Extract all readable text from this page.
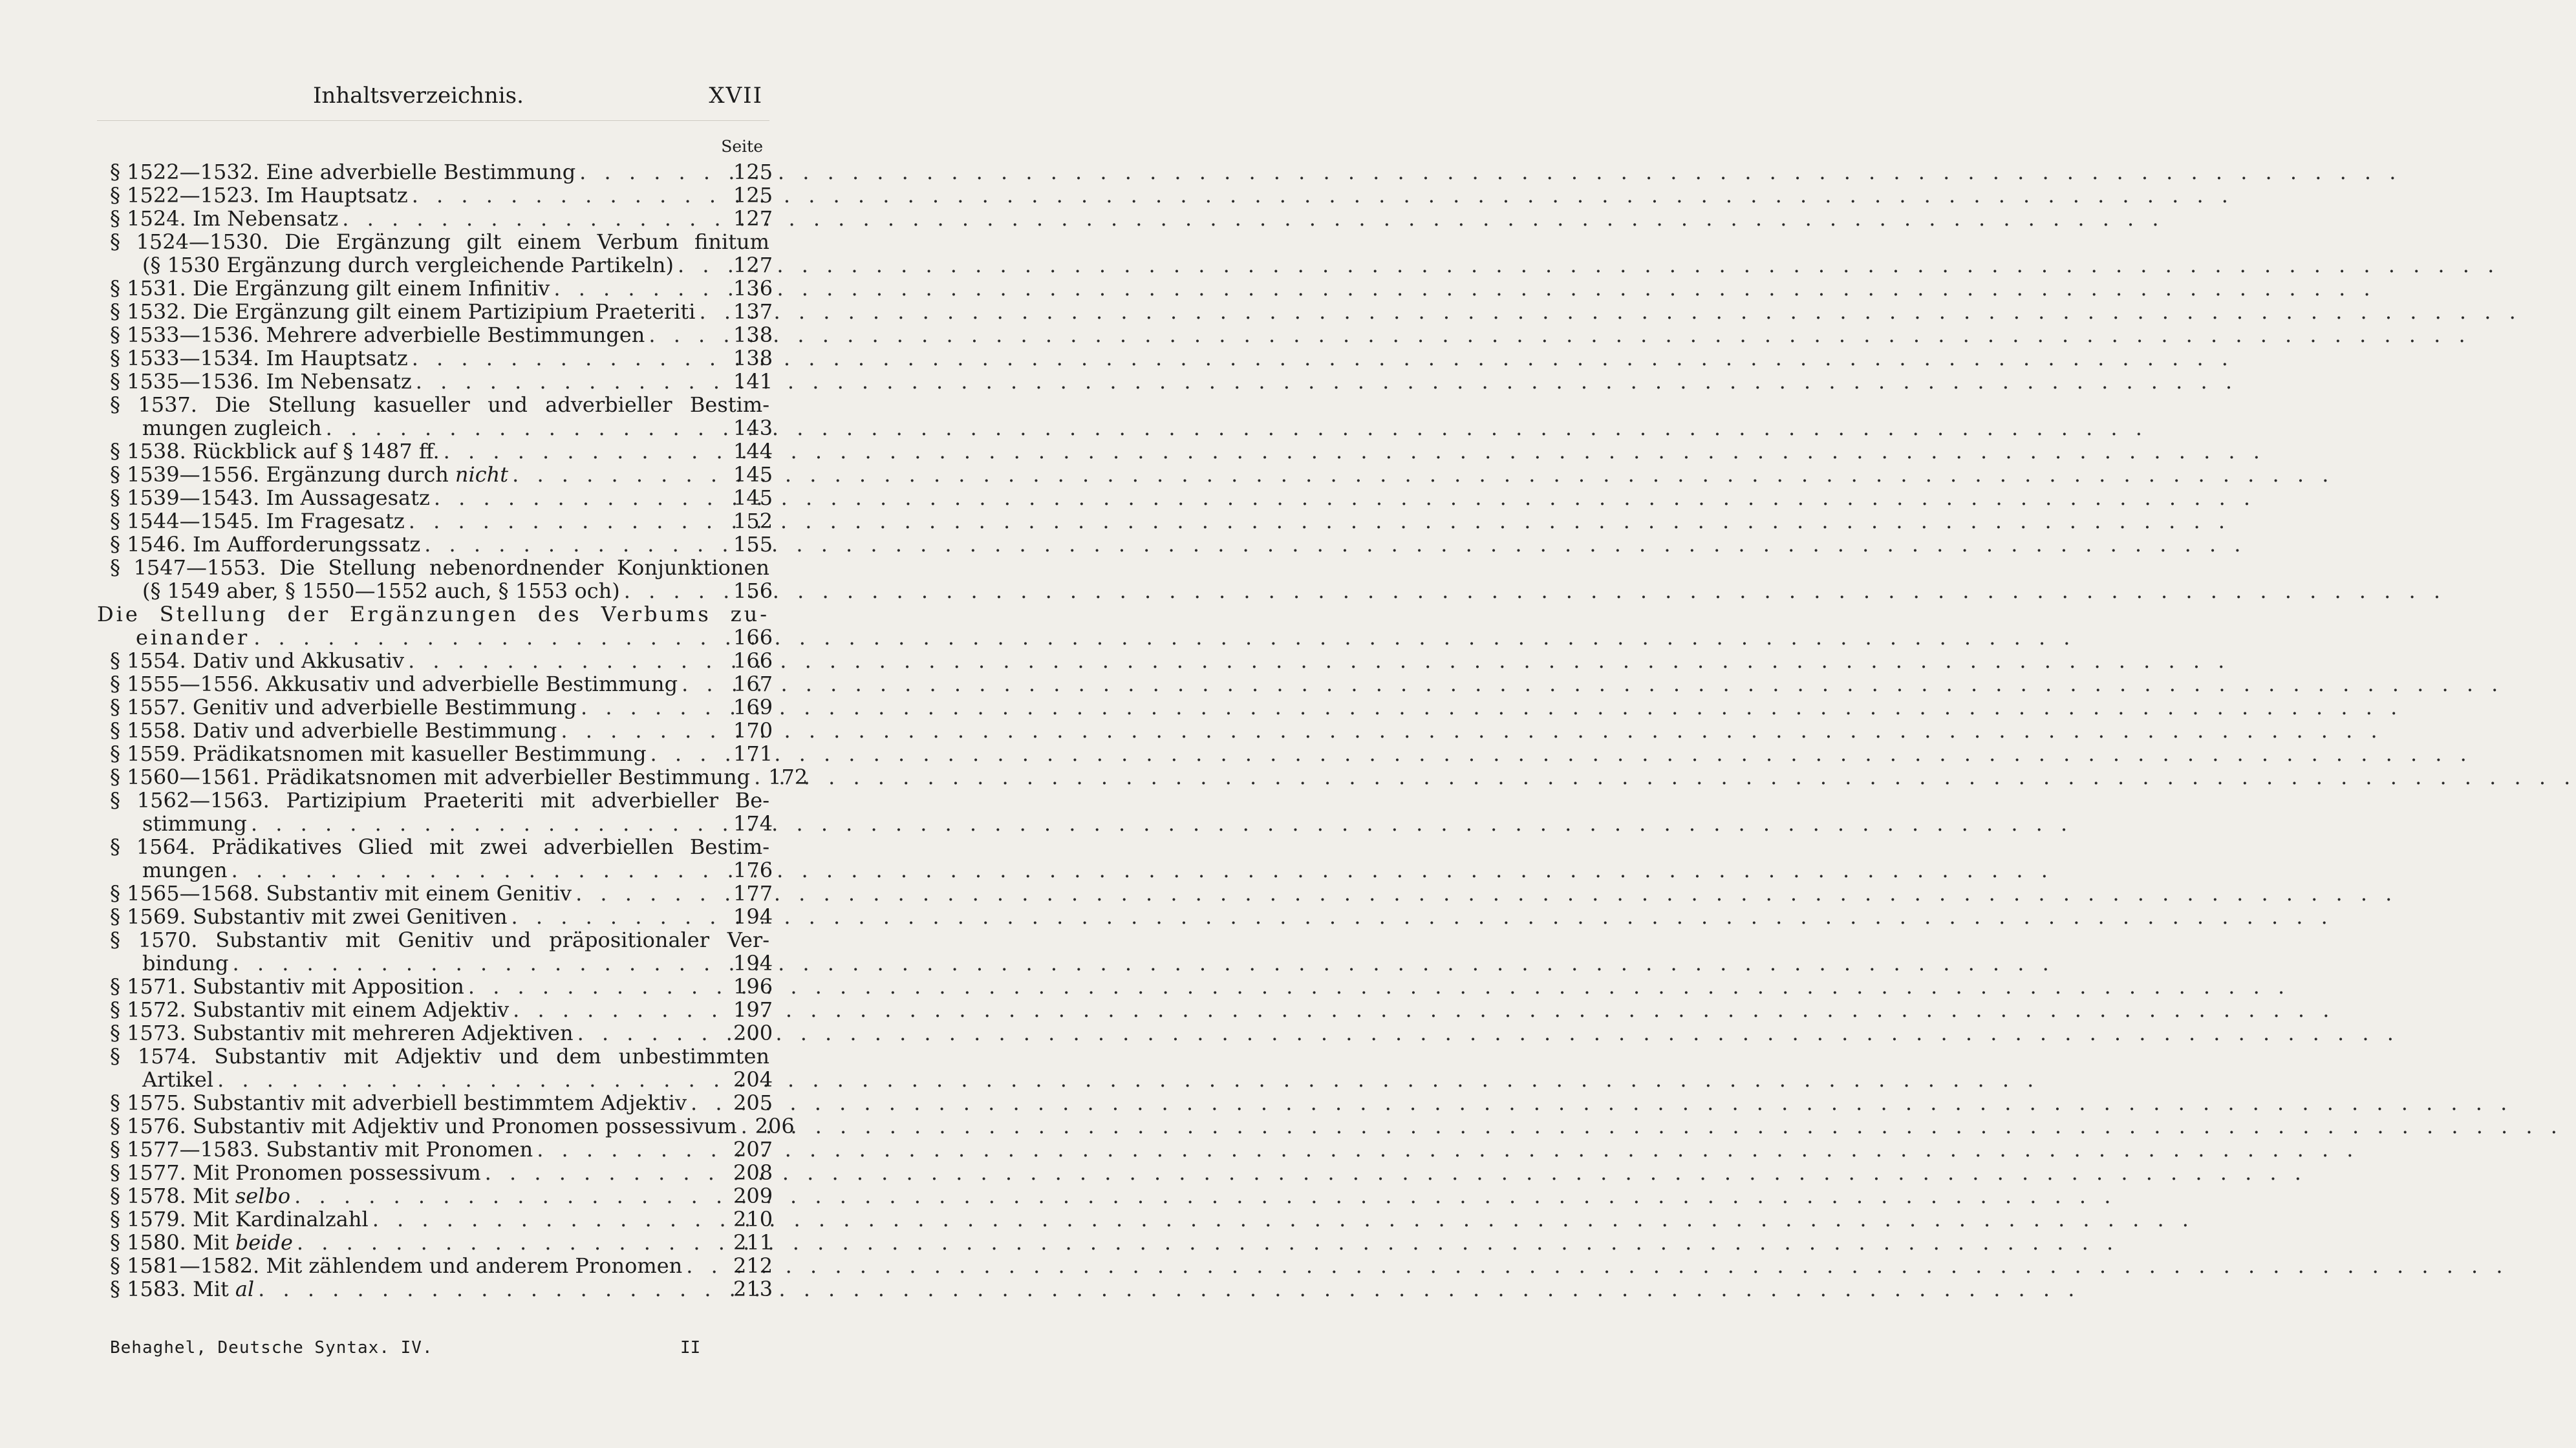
Inhaltsverzeichnis.	XVII
Seite
§ 1522—1532. Eine adverbielle Bestimmung . . .	125
§ 1522—1523. Im Hauptsatz . . .	125
§ 1524. Im Nebensatz . . .	127
§ 1524—1530. Die Ergänzung gilt einem Verbum finitum
(§ 1530 Ergänzung durch vergleichende Partikeln) . . .	127
§ 1531. Die Ergänzung gilt einem Infinitiv . . .	136
§ 1532. Die Ergänzung gilt einem Partizipium Praeteriti . . . 137
§ 1533—1536. Mehrere adverbielle Bestimmungen . . .	138
§ 1533—1534. Im Hauptsatz . . .	138
§ 1535—1536. Im Nebensatz . . .	141
§ 1537. Die Stellung kasueller und adverbieller Bestim-
mungen zugleich . . .	143
§ 1538. Rückblick auf § 1487 ff. . . .	144
§ 1539—1556. Ergänzung durch nicht . . .	145
§ 1539—1543. Im Aussagesatz . . .	145
§ 1544—1545. Im Fragesatz . . .	152
§ 1546. Im Aufforderungssatz . . .	155
§ 1547—1553. Die Stellung nebenordnender Konjunktionen
(§ 1549 aber, § 1550—1552 auch, § 1553 och) . . .	156
Die Stellung der Ergänzungen des Verbums zu-
einander . . .	166
§ 1554. Dativ und Akkusativ . . .	166
§ 1555—1556. Akkusativ und adverbielle Bestimmung . . .	167
§ 1557. Genitiv und adverbielle Bestimmung . . .	169
§ 1558. Dativ und adverbielle Bestimmung . . .	170
§ 1559. Prädikatsnomen mit kasueller Bestimmung . . .	171
§ 1560—1561. Prädikatsnomen mit adverbieller Bestimmung . . . 172
§ 1562—1563. Partizipium Praeteriti mit adverbieller Be-
stimmung . . .	174
§ 1564. Prädikatives Glied mit zwei adverbiellen Bestim-
mungen . . .	176
§ 1565—1568. Substantiv mit einem Genitiv . . .	177
§ 1569. Substantiv mit zwei Genitiven . . .	194
§ 1570. Substantiv mit Genitiv und präpositionaler Ver-
bindung . . .	194
§ 1571. Substantiv mit Apposition . . .	196
§ 1572. Substantiv mit einem Adjektiv . . .	197
§ 1573. Substantiv mit mehreren Adjektiven . . .	200
§ 1574. Substantiv mit Adjektiv und dem unbestimmten
Artikel . . .	204
§ 1575. Substantiv mit adverbiell bestimmtem Adjektiv . . . 205
§ 1576. Substantiv mit Adjektiv und Pronomen possessivum . . . 206
§ 1577—1583. Substantiv mit Pronomen . . .	207
§ 1577. Mit Pronomen possessivum . . .	208
§ 1578. Mit selbo . . .	209
§ 1579. Mit Kardinalzahl . . .	210
§ 1580. Mit beide . . .	211
§ 1581—1582. Mit zählendem und anderem Pronomen . . . 212
§ 1583. Mit al . . .	213
Behaghel, Deutsche Syntax. IV.	II
